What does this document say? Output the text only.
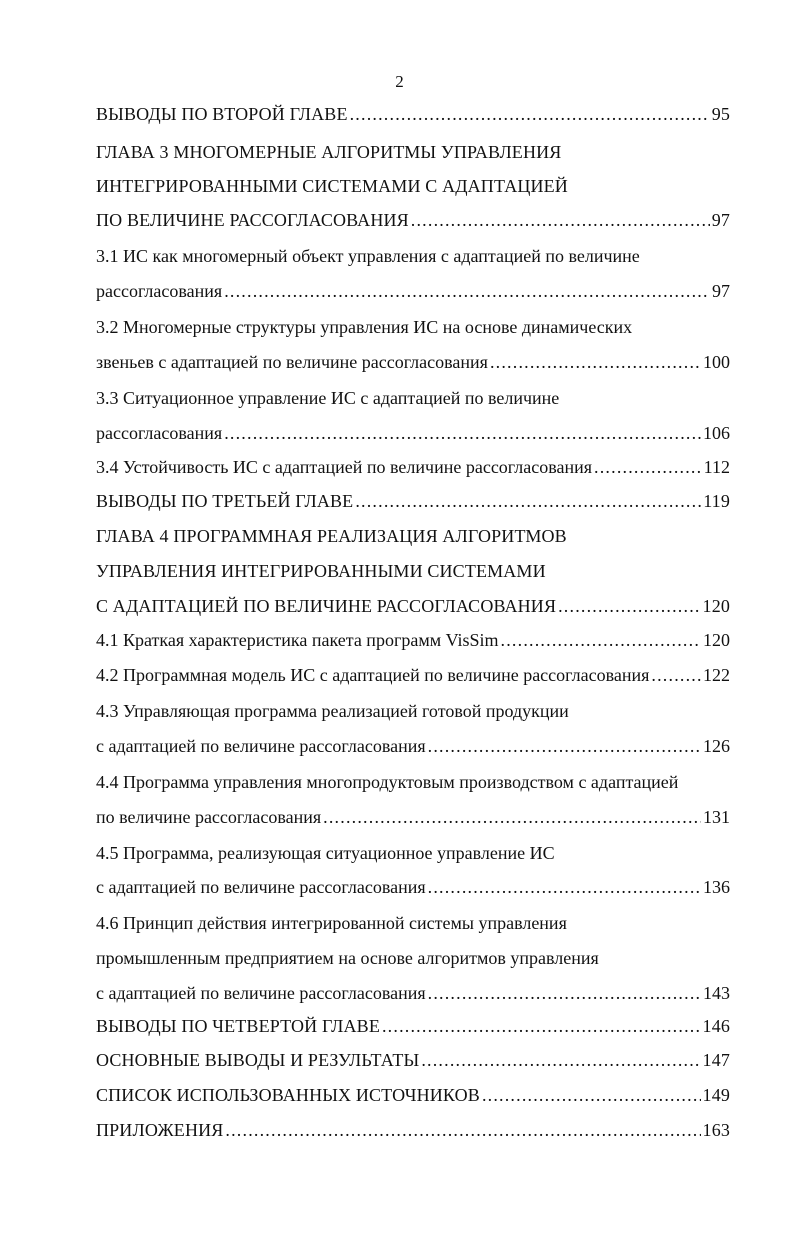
2
ВЫВОДЫ ПО ВТОРОЙ ГЛАВЕ .....	95
ГЛАВА 3 МНОГОМЕРНЫЕ АЛГОРИТМЫ УПРАВЛЕНИЯ
ИНТЕГРИРОВАННЫМИ СИСТЕМАМИ С АДАПТАЦИЕЙ
ПО ВЕЛИЧИНЕ РАССОГЛАСОВАНИЯ .....	97
3.1 ИС как многомерный объект управления с адаптацией по величине
рассогласования .....	97
3.2 Многомерные структуры управления ИС на основе динамических
звеньев с адаптацией по величине рассогласования .....	100
3.3 Ситуационное управление ИС с адаптацией по величине
рассогласования .....	106
3.4 Устойчивость ИС с адаптацией по величине рассогласования .....	112
ВЫВОДЫ ПО ТРЕТЬЕЙ ГЛАВЕ .....	119
ГЛАВА 4 ПРОГРАММНАЯ РЕАЛИЗАЦИЯ АЛГОРИТМОВ
УПРАВЛЕНИЯ ИНТЕГРИРОВАННЫМИ СИСТЕМАМИ
С АДАПТАЦИЕЙ ПО ВЕЛИЧИНЕ РАССОГЛАСОВАНИЯ .....	120
4.1 Краткая характеристика пакета программ VisSim .....	120
4.2 Программная модель ИС с адаптацией по величине рассогласования .....	122
4.3 Управляющая программа реализацией готовой продукции
с адаптацией по величине рассогласования .....	126
4.4 Программа управления многопродуктовым производством с адаптацией
по величине рассогласования .....	131
4.5 Программа, реализующая ситуационное управление ИС
с адаптацией по величине рассогласования .....	136
4.6 Принцип действия интегрированной системы управления
промышленным предприятием на основе алгоритмов управления
с адаптацией по величине рассогласования .....	143
ВЫВОДЫ ПО ЧЕТВЕРТОЙ ГЛАВЕ .....	146
ОСНОВНЫЕ ВЫВОДЫ И РЕЗУЛЬТАТЫ .....	147
СПИСОК ИСПОЛЬЗОВАННЫХ ИСТОЧНИКОВ .....	149
ПРИЛОЖЕНИЯ .....	163
